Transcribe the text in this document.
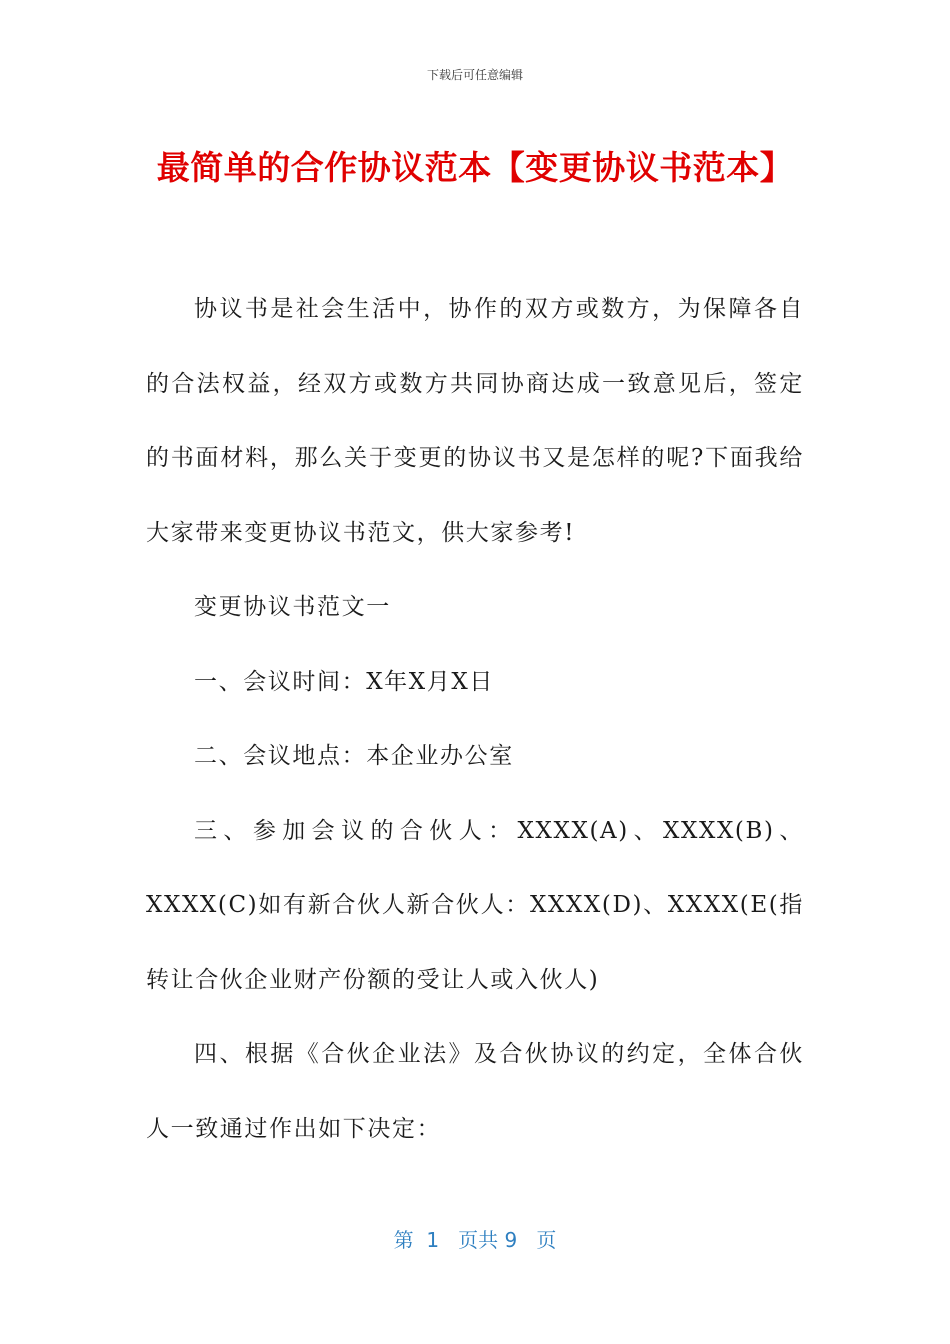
下载后可任意编辑
最简单的合作协议范本【变更协议书范本】

协议书是社会生活中，协作的双方或数方，为保障各自的合法权益，经双方或数方共同协商达成一致意见后，签定的书面材料，那么关于变更的协议书又是怎样的呢?下面我给大家带来变更协议书范文，供大家参考!

变更协议书范文一

一、会议时间：X年X月X日

二、会议地点：本企业办公室

三、参加会议的合伙人：XXXX(A)、XXXX(B)、XXXX(C)如有新合伙人新合伙人：XXXX(D)、XXXX(E(指转让合伙企业财产份额的受让人或入伙人)

四、根据《合伙企业法》及合伙协议的约定，全体合伙人一致通过作出如下决定：

第  1   页共 9   页
